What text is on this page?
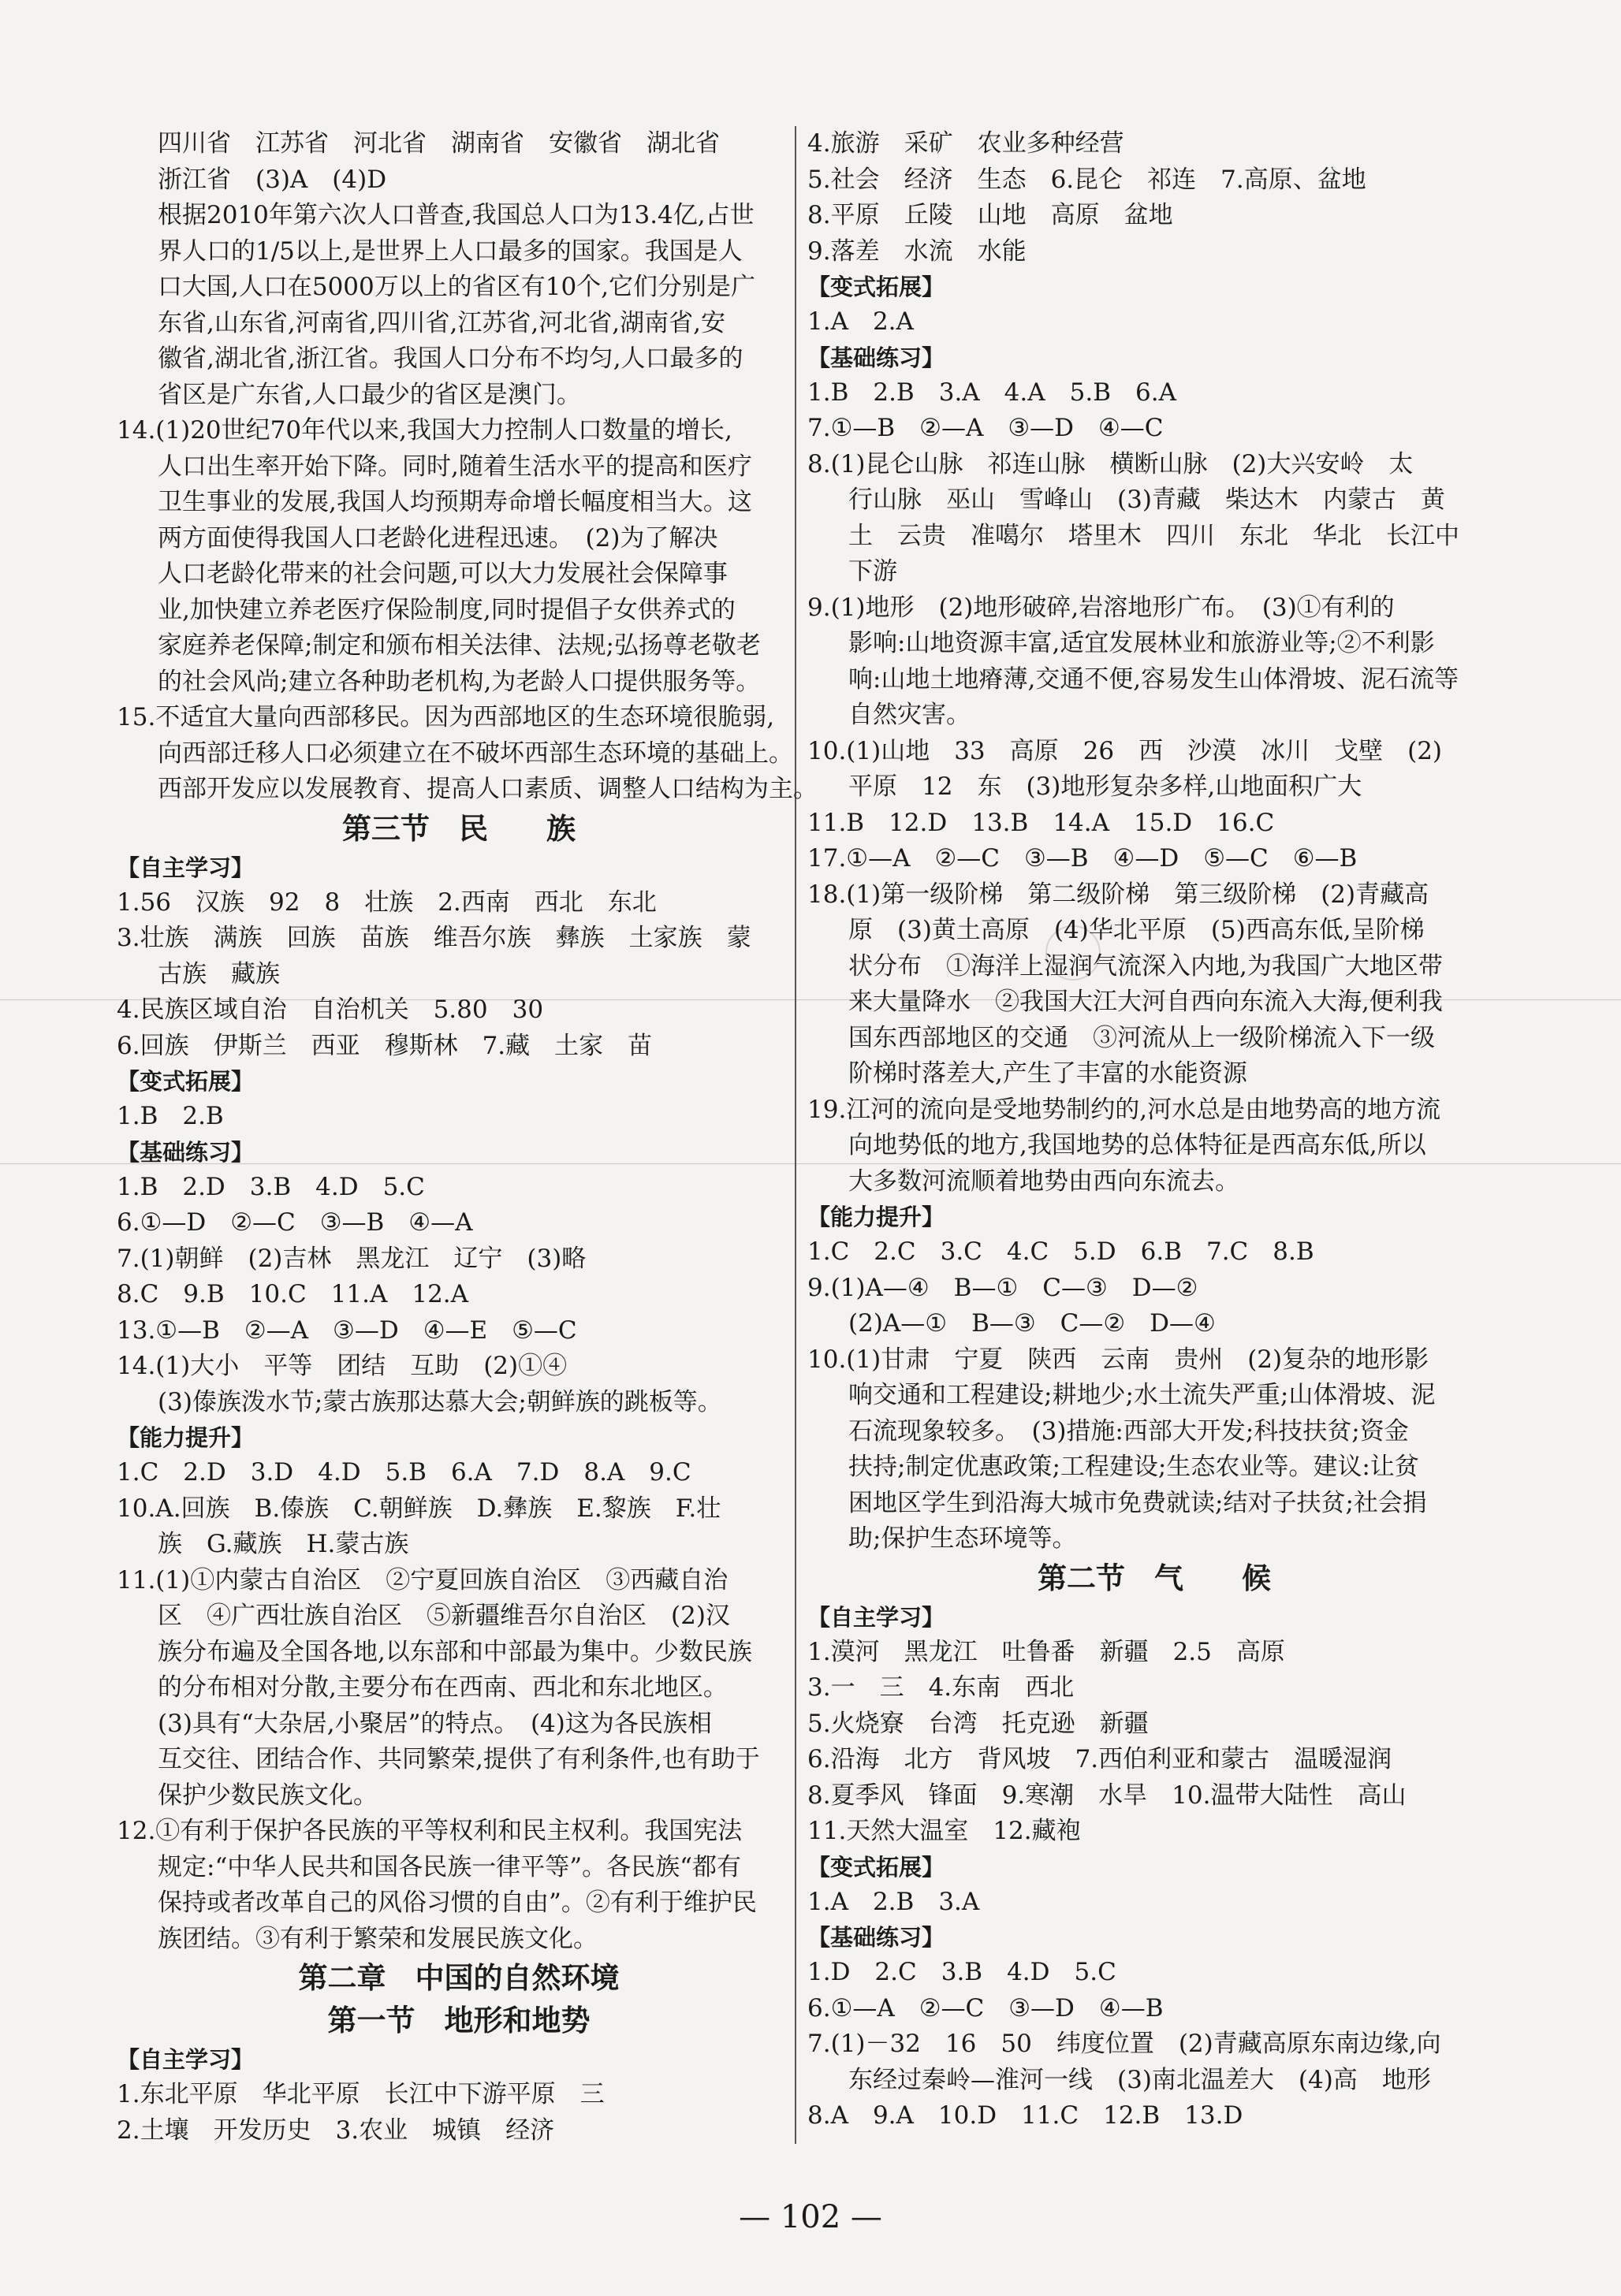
四川省　江苏省　河北省　湖南省　安徽省　湖北省
浙江省　(3)A　(4)D
根据2010年第六次人口普查,我国总人口为13.4亿,占世
界人口的1/5以上,是世界上人口最多的国家。我国是人
口大国,人口在5000万以上的省区有10个,它们分别是广
东省,山东省,河南省,四川省,江苏省,河北省,湖南省,安
徽省,湖北省,浙江省。我国人口分布不均匀,人口最多的
省区是广东省,人口最少的省区是澳门。
14.(1)20世纪70年代以来,我国大力控制人口数量的增长,
人口出生率开始下降。同时,随着生活水平的提高和医疗
卫生事业的发展,我国人均预期寿命增长幅度相当大。这
两方面使得我国人口老龄化进程迅速。　(2)为了解决
人口老龄化带来的社会问题,可以大力发展社会保障事
业,加快建立养老医疗保险制度,同时提倡子女供养式的
家庭养老保障;制定和颁布相关法律、法规;弘扬尊老敬老
的社会风尚;建立各种助老机构,为老龄人口提供服务等。
15.不适宜大量向西部移民。因为西部地区的生态环境很脆弱,
向西部迁移人口必须建立在不破坏西部生态环境的基础上。
西部开发应以发展教育、提高人口素质、调整人口结构为主。
第三节　民　　族
【自主学习】
1.56　汉族　92　8　壮族　2.西南　西北　东北
3.壮族　满族　回族　苗族　维吾尔族　彝族　土家族　蒙
古族　藏族
4.民族区域自治　自治机关　5.80　30
6.回族　伊斯兰　西亚　穆斯林　7.藏　土家　苗
【变式拓展】
1.B　2.B
【基础练习】
1.B　2.D　3.B　4.D　5.C
6.①—D　②—C　③—B　④—A
7.(1)朝鲜　(2)吉林　黑龙江　辽宁　(3)略
8.C　9.B　10.C　11.A　12.A
13.①—B　②—A　③—D　④—E　⑤—C
14.(1)大小　平等　团结　互助　(2)①④
(3)傣族泼水节;蒙古族那达慕大会;朝鲜族的跳板等。
【能力提升】
1.C　2.D　3.D　4.D　5.B　6.A　7.D　8.A　9.C
10.A.回族　B.傣族　C.朝鲜族　D.彝族　E.黎族　F.壮
族　G.藏族　H.蒙古族
11.(1)①内蒙古自治区　②宁夏回族自治区　③西藏自治
区　④广西壮族自治区　⑤新疆维吾尔自治区　(2)汉
族分布遍及全国各地,以东部和中部最为集中。少数民族
的分布相对分散,主要分布在西南、西北和东北地区。
(3)具有“大杂居,小聚居”的特点。　(4)这为各民族相
互交往、团结合作、共同繁荣,提供了有利条件,也有助于
保护少数民族文化。
12.①有利于保护各民族的平等权利和民主权利。我国宪法
规定:“中华人民共和国各民族一律平等”。各民族“都有
保持或者改革自己的风俗习惯的自由”。②有利于维护民
族团结。③有利于繁荣和发展民族文化。
第二章　中国的自然环境
第一节　地形和地势
【自主学习】
1.东北平原　华北平原　长江中下游平原　三
2.土壤　开发历史　3.农业　城镇　经济
4.旅游　采矿　农业多种经营
5.社会　经济　生态　6.昆仑　祁连　7.高原、盆地
8.平原　丘陵　山地　高原　盆地
9.落差　水流　水能
【变式拓展】
1.A　2.A
【基础练习】
1.B　2.B　3.A　4.A　5.B　6.A
7.①—B　②—A　③—D　④—C
8.(1)昆仑山脉　祁连山脉　横断山脉　(2)大兴安岭　太
行山脉　巫山　雪峰山　(3)青藏　柴达木　内蒙古　黄
土　云贵　准噶尔　塔里木　四川　东北　华北　长江中
下游
9.(1)地形　(2)地形破碎,岩溶地形广布。　(3)①有利的
影响:山地资源丰富,适宜发展林业和旅游业等;②不利影
响:山地土地瘠薄,交通不便,容易发生山体滑坡、泥石流等
自然灾害。
10.(1)山地　33　高原　26　西　沙漠　冰川　戈壁　(2)
平原　12　东　(3)地形复杂多样,山地面积广大
11.B　12.D　13.B　14.A　15.D　16.C
17.①—A　②—C　③—B　④—D　⑤—C　⑥—B
18.(1)第一级阶梯　第二级阶梯　第三级阶梯　(2)青藏高
原　(3)黄土高原　(4)华北平原　(5)西高东低,呈阶梯
状分布　①海洋上湿润气流深入内地,为我国广大地区带
来大量降水　②我国大江大河自西向东流入大海,便利我
国东西部地区的交通　③河流从上一级阶梯流入下一级
阶梯时落差大,产生了丰富的水能资源
19.江河的流向是受地势制约的,河水总是由地势高的地方流
向地势低的地方,我国地势的总体特征是西高东低,所以
大多数河流顺着地势由西向东流去。
【能力提升】
1.C　2.C　3.C　4.C　5.D　6.B　7.C　8.B
9.(1)A—④　B—①　C—③　D—②
(2)A—①　B—③　C—②　D—④
10.(1)甘肃　宁夏　陕西　云南　贵州　(2)复杂的地形影
响交通和工程建设;耕地少;水土流失严重;山体滑坡、泥
石流现象较多。　(3)措施:西部大开发;科技扶贫;资金
扶持;制定优惠政策;工程建设;生态农业等。建议:让贫
困地区学生到沿海大城市免费就读;结对子扶贫;社会捐
助;保护生态环境等。
第二节　气　　候
【自主学习】
1.漠河　黑龙江　吐鲁番　新疆　2.5　高原
3.一　三　4.东南　西北
5.火烧寮　台湾　托克逊　新疆
6.沿海　北方　背风坡　7.西伯利亚和蒙古　温暖湿润
8.夏季风　锋面　9.寒潮　水旱　10.温带大陆性　高山
11.天然大温室　12.藏袍
【变式拓展】
1.A　2.B　3.A
【基础练习】
1.D　2.C　3.B　4.D　5.C
6.①—A　②—C　③—D　④—B
7.(1)－32　16　50　纬度位置　(2)青藏高原东南边缘,向
东经过秦岭—淮河一线　(3)南北温差大　(4)高　地形
8.A　9.A　10.D　11.C　12.B　13.D
— 102 —
